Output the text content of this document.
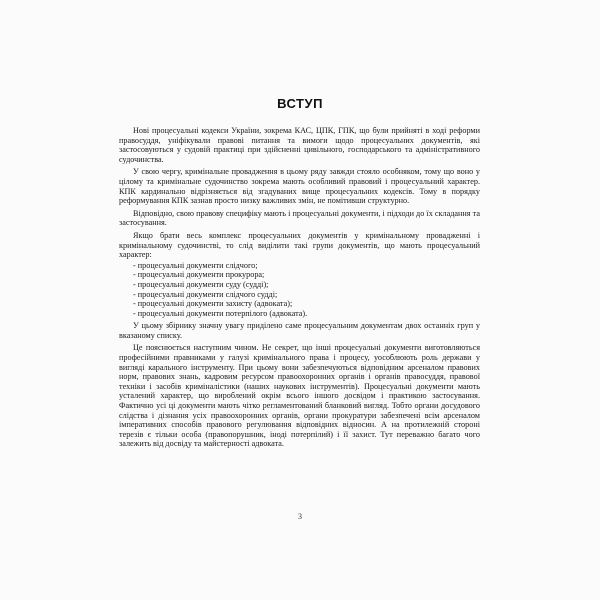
ВСТУП

Нові процесуальні кодекси України, зокрема КАС, ЦПК, ГПК, що були прийняті в ході реформи правосуддя, уніфікували правові питання та вимоги щодо процесуальних документів, які застосовуються у судовій практиці при здійсненні цивільного, господарського та адміністративного судочинства.

У свою чергу, кримінальне провадження в цьому ряду завжди стояло особняком, тому що воно у цілому та кримінальне судочинство зокрема мають особливий правовий і процесуальний характер. КПК кардинально відрізняється від згадуваних вище процесуальних кодексів. Тому в порядку реформування КПК зазнав просто низку важливих змін, не помітивши структурно.

Відповідно, свою правову специфіку мають і процесуальні документи, і підходи до їх складання та застосування.

Якщо брати весь комплекс процесуальних документів у кримінальному провадженні і кримінальному судочинстві, то слід виділити такі групи документів, що мають процесуальний характер:

- процесуальні документи слідчого;
- процесуальні документи прокурора;
- процесуальні документи суду (судді);
- процесуальні документи слідчого судді;
- процесуальні документи захисту (адвоката);
- процесуальні документи потерпілого (адвоката).

У цьому збірнику значну увагу приділено саме процесуальним документам двох останніх груп у вказаному списку.

Це пояснюється наступним чином. Не секрет, що інші процесуальні документи виготовляються професійними правниками у галузі кримінального права і процесу, уособлюють роль держави у вигляді карального інструменту. При цьому вони забезпечуються відповідним арсеналом правових норм, правових знань, кадровим ресурсом правоохоронних органів і органів правосуддя, правової техніки і засобів криміналістики (наших наукових інструментів). Процесуальні документи мають усталений характер, що вироблений окрім всього іншого досвідом і практикою застосування. Фактично усі ці документи мають чітко регламентований бланковий вигляд. Тобто органи досудового слідства і дізнання усіх правоохоронних органів, органи прокуратури забезпечені всім арсеналом імперативних способів правового регулювання відповідних відносин. А на протилежній стороні терезів є тільки особа (правопорушник, іноді потерпілий) і її захист. Тут переважно багато чого залежить від досвіду та майстерності адвоката.

3
